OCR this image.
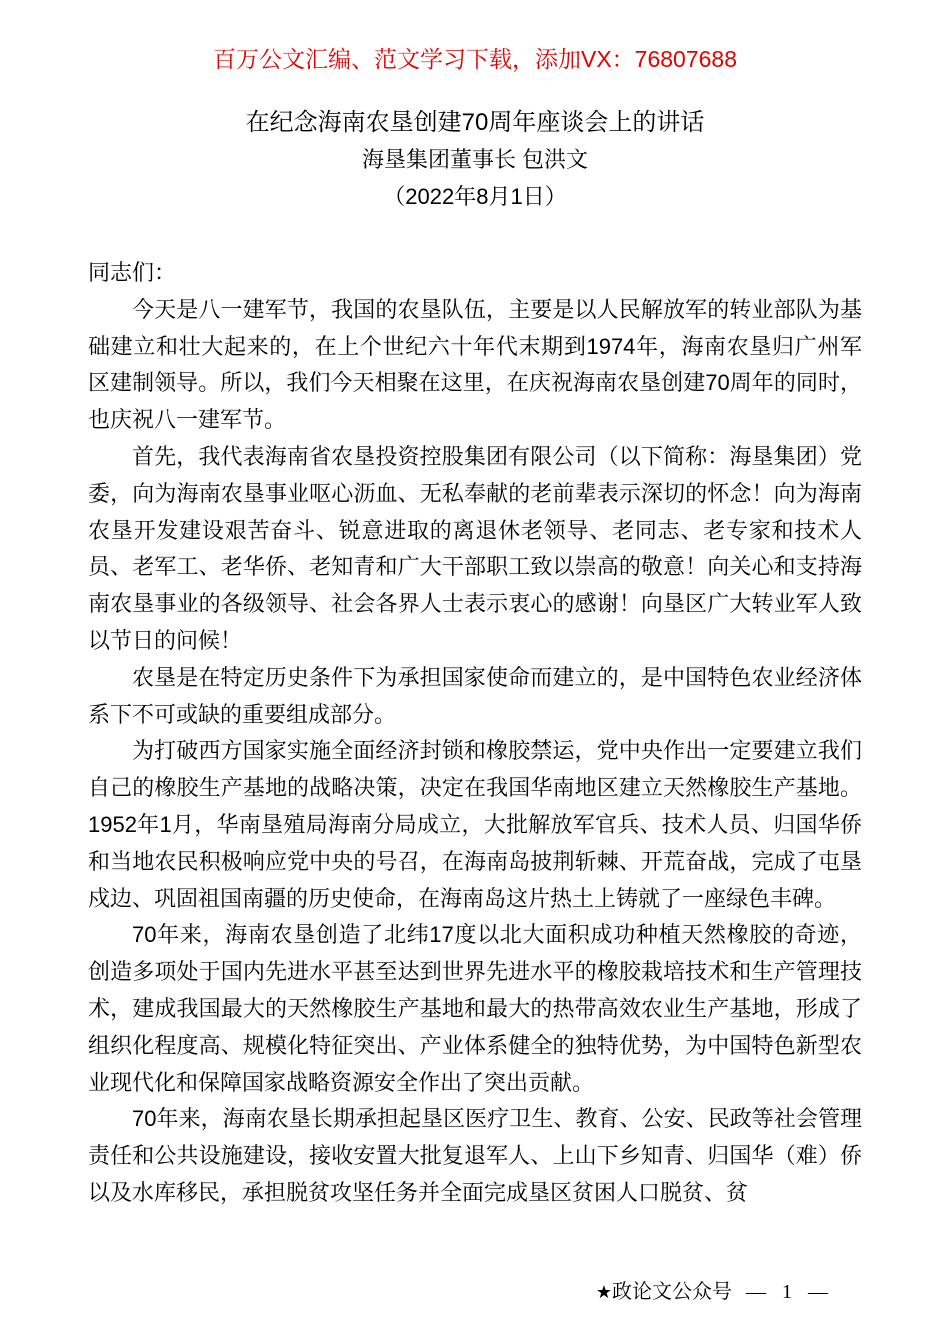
百万公文汇编、范文学习下载，添加VX：76807688
在纪念海南农垦创建70周年座谈会上的讲话
海垦集团董事长 包洪文
（2022年8月1日）

同志们：

今天是八一建军节，我国的农垦队伍，主要是以人民解放军的转业部队为基础建立和壮大起来的，在上个世纪六十年代末期到1974年，海南农垦归广州军区建制领导。所以，我们今天相聚在这里，在庆祝海南农垦创建70周年的同时，也庆祝八一建军节。

首先，我代表海南省农垦投资控股集团有限公司（以下简称：海垦集团）党委，向为海南农垦事业呕心沥血、无私奉献的老前辈表示深切的怀念！向为海南农垦开发建设艰苦奋斗、锐意进取的离退休老领导、老同志、老专家和技术人员、老军工、老华侨、老知青和广大干部职工致以崇高的敬意！向关心和支持海南农垦事业的各级领导、社会各界人士表示衷心的感谢！向垦区广大转业军人致以节日的问候！

农垦是在特定历史条件下为承担国家使命而建立的，是中国特色农业经济体系下不可或缺的重要组成部分。

为打破西方国家实施全面经济封锁和橡胶禁运，党中央作出一定要建立我们自己的橡胶生产基地的战略决策，决定在我国华南地区建立天然橡胶生产基地。1952年1月，华南垦殖局海南分局成立，大批解放军官兵、技术人员、归国华侨和当地农民积极响应党中央的号召，在海南岛披荆斩棘、开荒奋战，完成了屯垦戍边、巩固祖国南疆的历史使命，在海南岛这片热土上铸就了一座绿色丰碑。

70年来，海南农垦创造了北纬17度以北大面积成功种植天然橡胶的奇迹，创造多项处于国内先进水平甚至达到世界先进水平的橡胶栽培技术和生产管理技术，建成我国最大的天然橡胶生产基地和最大的热带高效农业生产基地，形成了组织化程度高、规模化特征突出、产业体系健全的独特优势，为中国特色新型农业现代化和保障国家战略资源安全作出了突出贡献。

70年来，海南农垦长期承担起垦区医疗卫生、教育、公安、民政等社会管理责任和公共设施建设，接收安置大批复退军人、上山下乡知青、归国华（难）侨以及水库移民，承担脱贫攻坚任务并全面完成垦区贫困人口脱贫、贫

★政论文公众号 —  1  —
